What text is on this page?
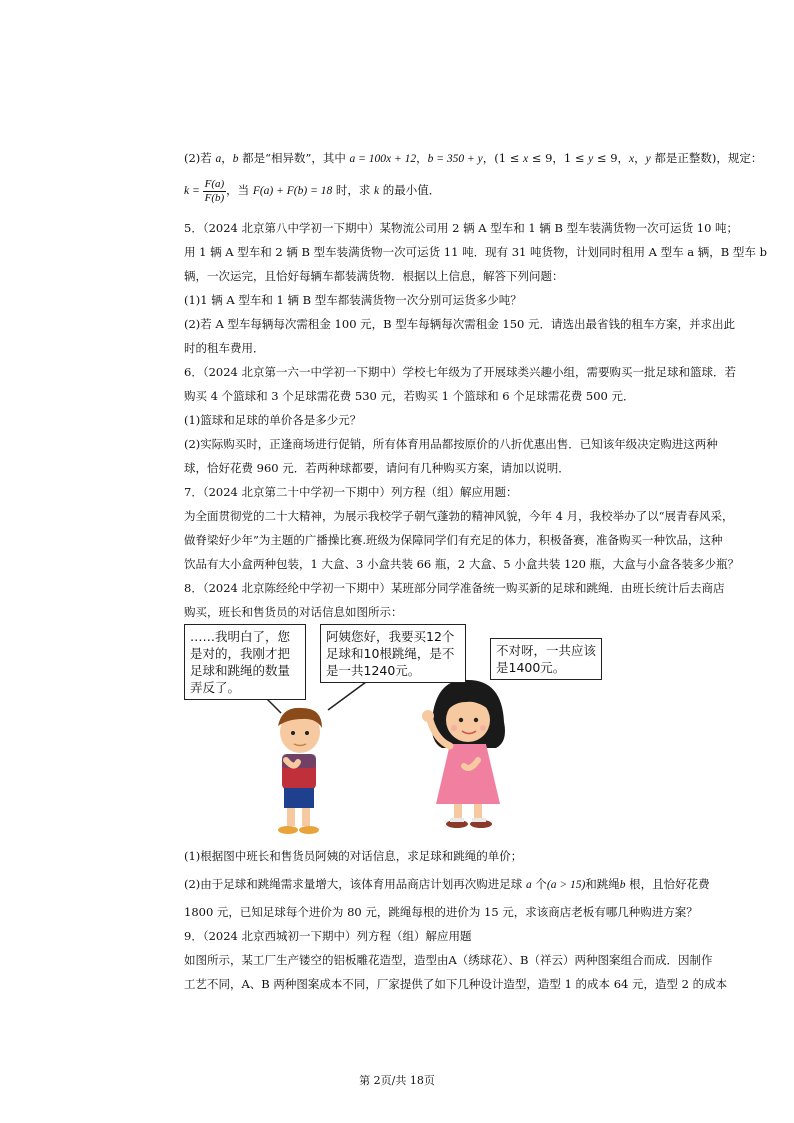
(2)若 a，b 都是“相异数”，其中 a = 100x + 12，b = 350 + y，(1 ≤ x ≤ 9，1 ≤ y ≤ 9，x，y 都是正整数)，规定：
$k = \frac{F(a)}{F(b)}$ ，当 F(a) + F(b) = 18 时，求 k 的最小值．
5．（2024 北京第八中学初一下期中）某物流公司用 2 辆 A 型车和 1 辆 B 型车装满货物一次可运货 10 吨；
用 1 辆 A 型车和 2 辆 B 型车装满货物一次可运货 11 吨．现有 31 吨货物，计划同时租用 A 型车 a 辆，B 型车 b
辆，一次运完，且恰好每辆车都装满货物．根据以上信息，解答下列问题：
(1)1 辆 A 型车和 1 辆 B 型车都装满货物一次分别可运货多少吨？
(2)若 A 型车每辆每次需租金 100 元，B 型车每辆每次需租金 150 元．请选出最省钱的租车方案，并求出此
时的租车费用．
6．（2024 北京第一六一中学初一下期中）学校七年级为了开展球类兴趣小组，需要购买一批足球和篮球．若
购买 4 个篮球和 3 个足球需花费 530 元，若购买 1 个篮球和 6 个足球需花费 500 元．
(1)篮球和足球的单价各是多少元？
(2)实际购买时，正逢商场进行促销，所有体育用品都按原价的八折优惠出售．已知该年级决定购进这两种
球，恰好花费 960 元．若两种球都要，请问有几种购买方案，请加以说明．
7．（2024 北京第二十中学初一下期中）列方程（组）解应用题：
为全面贯彻党的二十大精神，为展示我校学子朝气蓬勃的精神风貌，今年 4 月，我校举办了以“展青春风采，
做脊梁好少年”为主题的广播操比赛.班级为保障同学们有充足的体力，积极备赛，准备购买一种饮品，这种
饮品有大小盒两种包装，1 大盒、3 小盒共装 66 瓶，2 大盒、5 小盒共装 120 瓶，大盒与小盒各装多少瓶？
8．（2024 北京陈经纶中学初一下期中）某班部分同学准备统一购买新的足球和跳绳．由班长统计后去商店
购买，班长和售货员的对话信息如图所示：
……我明白了，您
是对的，我刚才把
足球和跳绳的数量
弄反了。
阿姨您好，我要买12个
足球和10根跳绳，是不
是一共1240元。
不对呀，一共应该
是1400元。
(1)根据图中班长和售货员阿姨的对话信息，求足球和跳绳的单价；
(2)由于足球和跳绳需求量增大，该体育用品商店计划再次购进足球 a 个(a > 15)和跳绳b 根，且恰好花费
1800 元，已知足球每个进价为 80 元，跳绳每根的进价为 15 元，求该商店老板有哪几种购进方案？
9．（2024 北京西城初一下期中）列方程（组）解应用题
如图所示，某工厂生产镂空的铝板雕花造型，造型由A（绣球花）、B（祥云）两种图案组合而成．因制作
工艺不同，A、B 两种图案成本不同，厂家提供了如下几种设计造型，造型 1 的成本 64 元，造型 2 的成本
第 2页/共 18页
